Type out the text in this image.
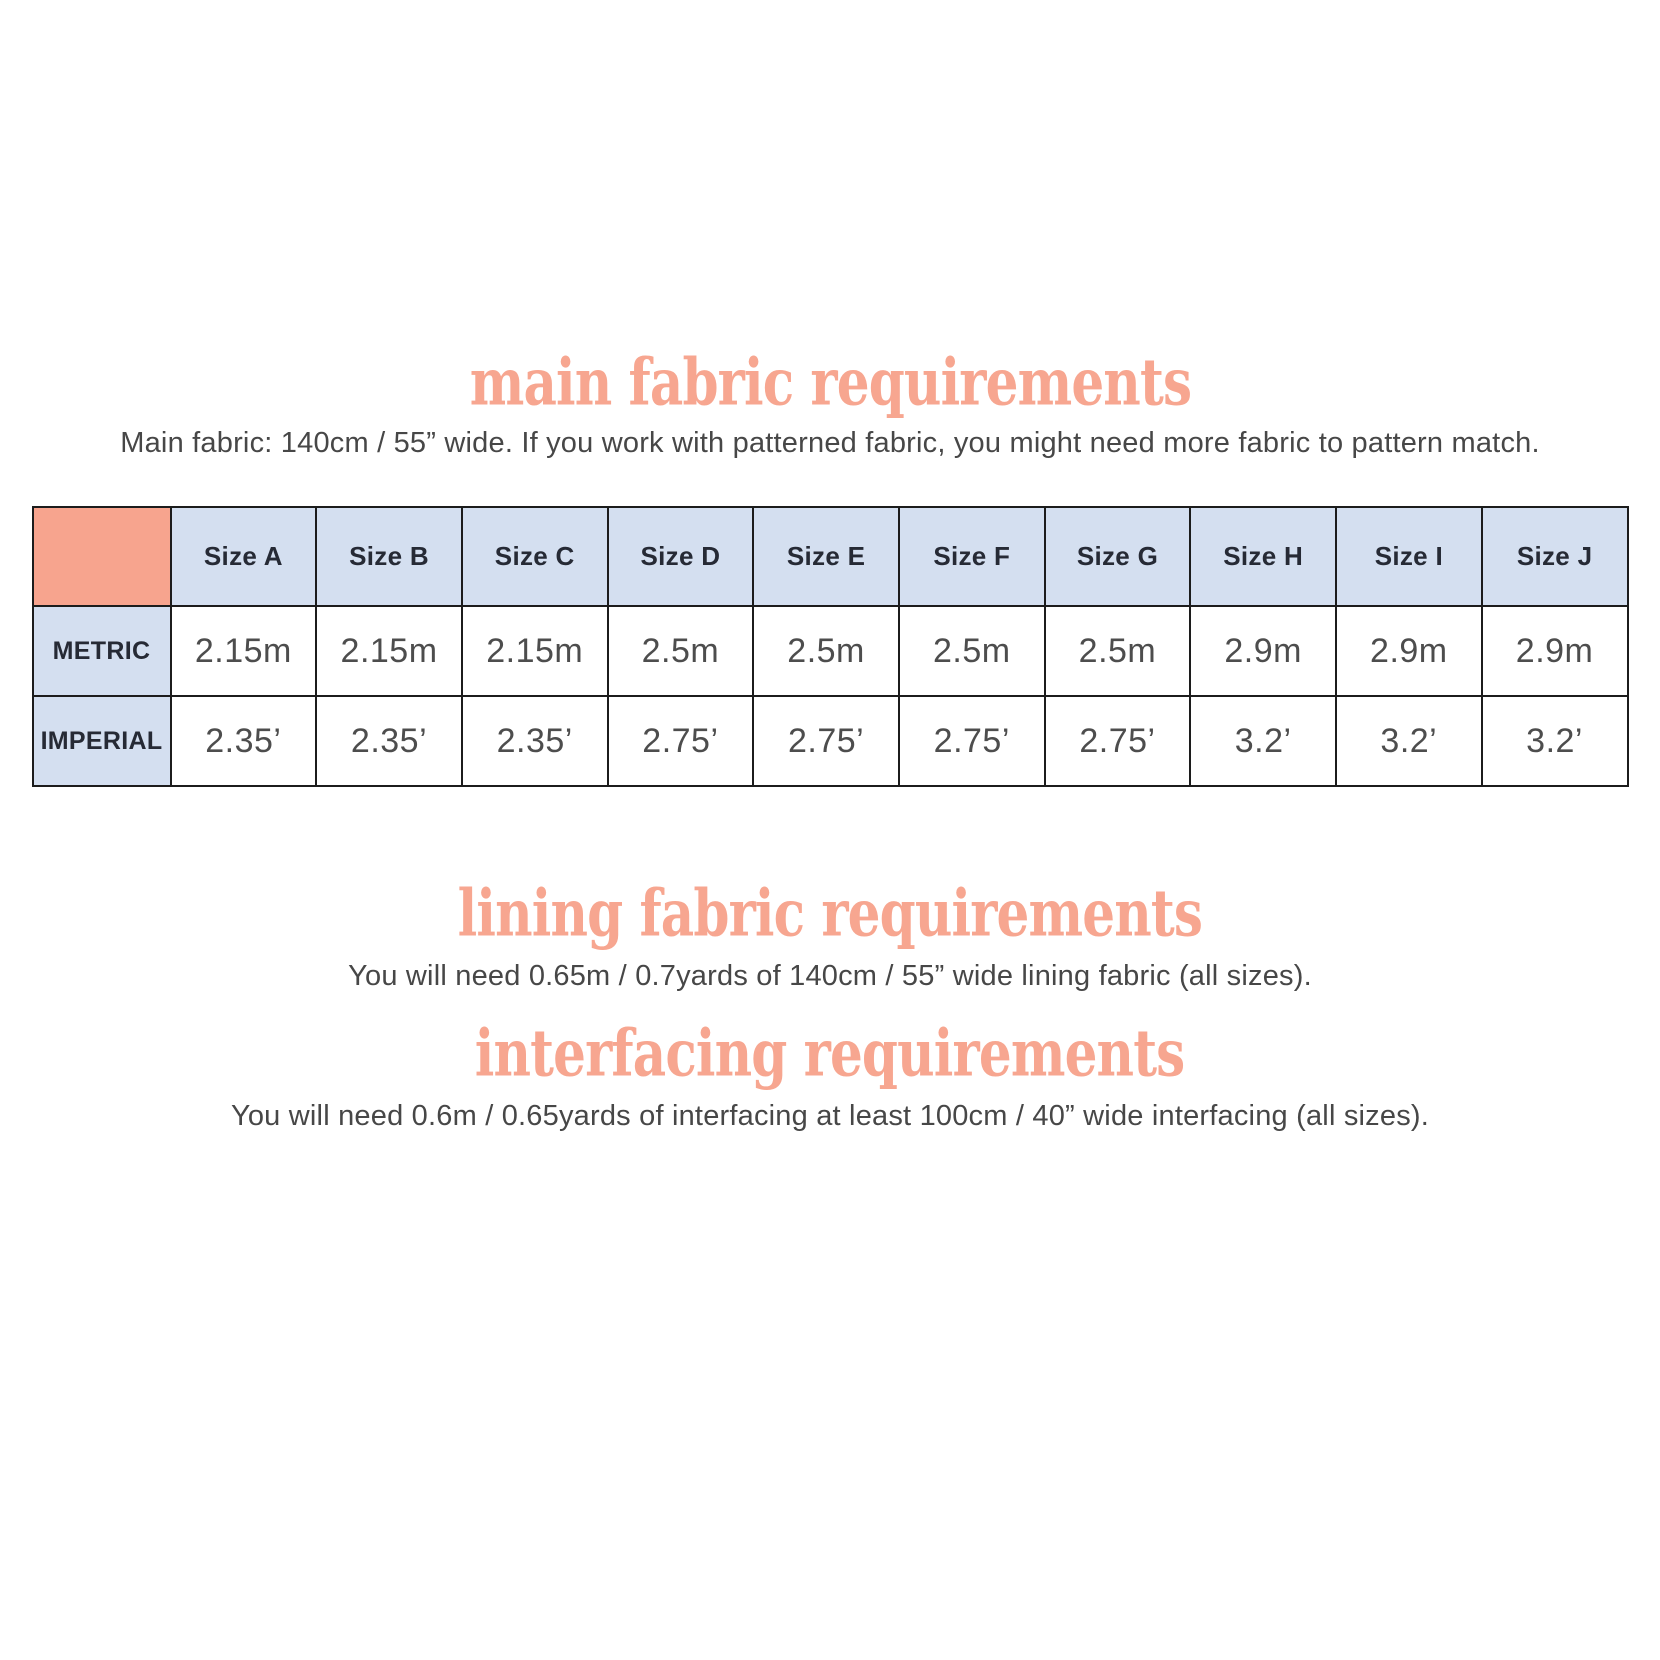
main fabric requirements

Main fabric: 140cm / 55” wide. If you work with patterned fabric, you might need more fabric to pattern match.

	Size A	Size B	Size C	Size D	Size E	Size F	Size G	Size H	Size I	Size J
METRIC	2.15m	2.15m	2.15m	2.5m	2.5m	2.5m	2.5m	2.9m	2.9m	2.9m
IMPERIAL	2.35’	2.35’	2.35’	2.75’	2.75’	2.75’	2.75’	3.2’	3.2’	3.2’
lining fabric requirements

You will need 0.65m / 0.7yards of 140cm / 55” wide lining fabric (all sizes).

interfacing requirements

You will need 0.6m / 0.65yards of interfacing at least 100cm / 40” wide interfacing (all sizes).
